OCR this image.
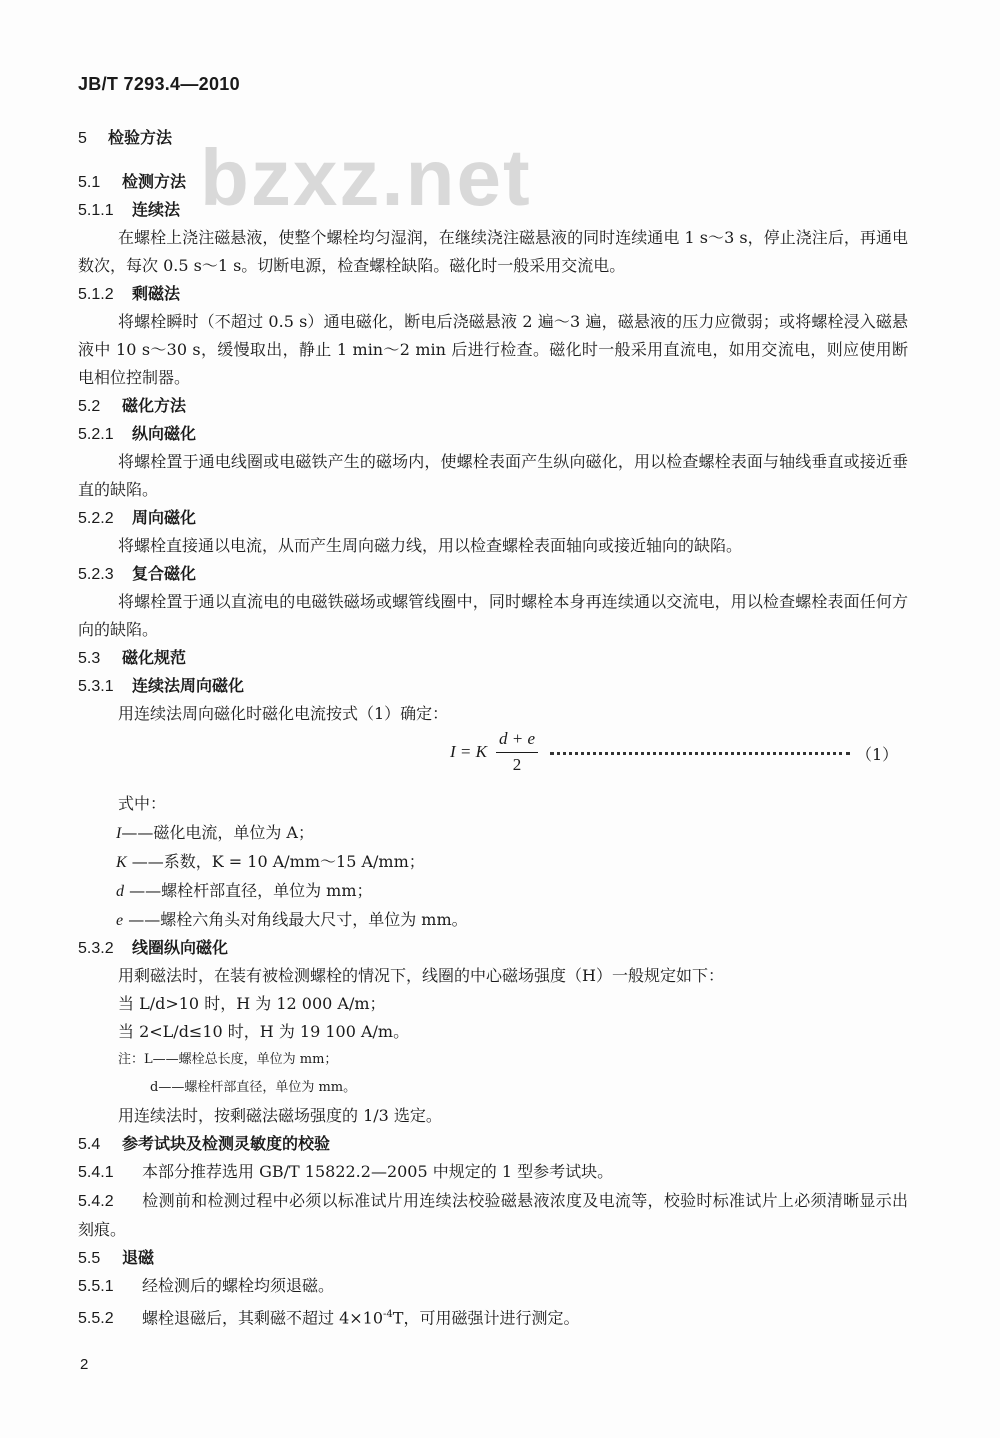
JB/T 7293.4—2010
bzxz.net
5 检验方法
5.1 检测方法
5.1.1 连续法
在螺栓上浇注磁悬液，使整个螺栓均匀湿润，在继续浇注磁悬液的同时连续通电 1 s～3 s，停止浇注后，再通电数次，每次 0.5 s～1 s。切断电源，检查螺栓缺陷。磁化时一般采用交流电。
5.1.2 剩磁法
将螺栓瞬时（不超过 0.5 s）通电磁化，断电后浇磁悬液 2 遍～3 遍，磁悬液的压力应微弱；或将螺栓浸入磁悬液中 10 s～30 s，缓慢取出，静止 1 min～2 min 后进行检查。磁化时一般采用直流电，如用交流电，则应使用断电相位控制器。
5.2 磁化方法
5.2.1 纵向磁化
将螺栓置于通电线圈或电磁铁产生的磁场内，使螺栓表面产生纵向磁化，用以检查螺栓表面与轴线垂直或接近垂直的缺陷。
5.2.2 周向磁化
将螺栓直接通以电流，从而产生周向磁力线，用以检查螺栓表面轴向或接近轴向的缺陷。
5.2.3 复合磁化
将螺栓置于通以直流电的电磁铁磁场或螺管线圈中，同时螺栓本身再连续通以交流电，用以检查螺栓表面任何方向的缺陷。
5.3 磁化规范
5.3.1 连续法周向磁化
用连续法周向磁化时磁化电流按式（1）确定：
I = K $\frac{d + e}{2}$	（1）
式中：
I——磁化电流，单位为 A；
K ——系数，K = 10 A/mm～15 A/mm；
d ——螺栓杆部直径，单位为 mm；
e ——螺栓六角头对角线最大尺寸，单位为 mm。
5.3.2 线圈纵向磁化
用剩磁法时，在装有被检测螺栓的情况下，线圈的中心磁场强度（H）一般规定如下：
当 L/d>10 时，H 为 12 000 A/m；
当 2<L/d≤10 时，H 为 19 100 A/m。
注：L——螺栓总长度，单位为 mm；
d——螺栓杆部直径，单位为 mm。
用连续法时，按剩磁法磁场强度的 1/3 选定。
5.4 参考试块及检测灵敏度的校验
5.4.1 本部分推荐选用 GB/T 15822.2—2005 中规定的 1 型参考试块。
5.4.2 检测前和检测过程中必须以标准试片用连续法校验磁悬液浓度及电流等，校验时标准试片上必须清晰显示出刻痕。
5.5 退磁
5.5.1 经检测后的螺栓均须退磁。
5.5.2 螺栓退磁后，其剩磁不超过 $4\times 10^{-4}T$，可用磁强计进行测定。
2
